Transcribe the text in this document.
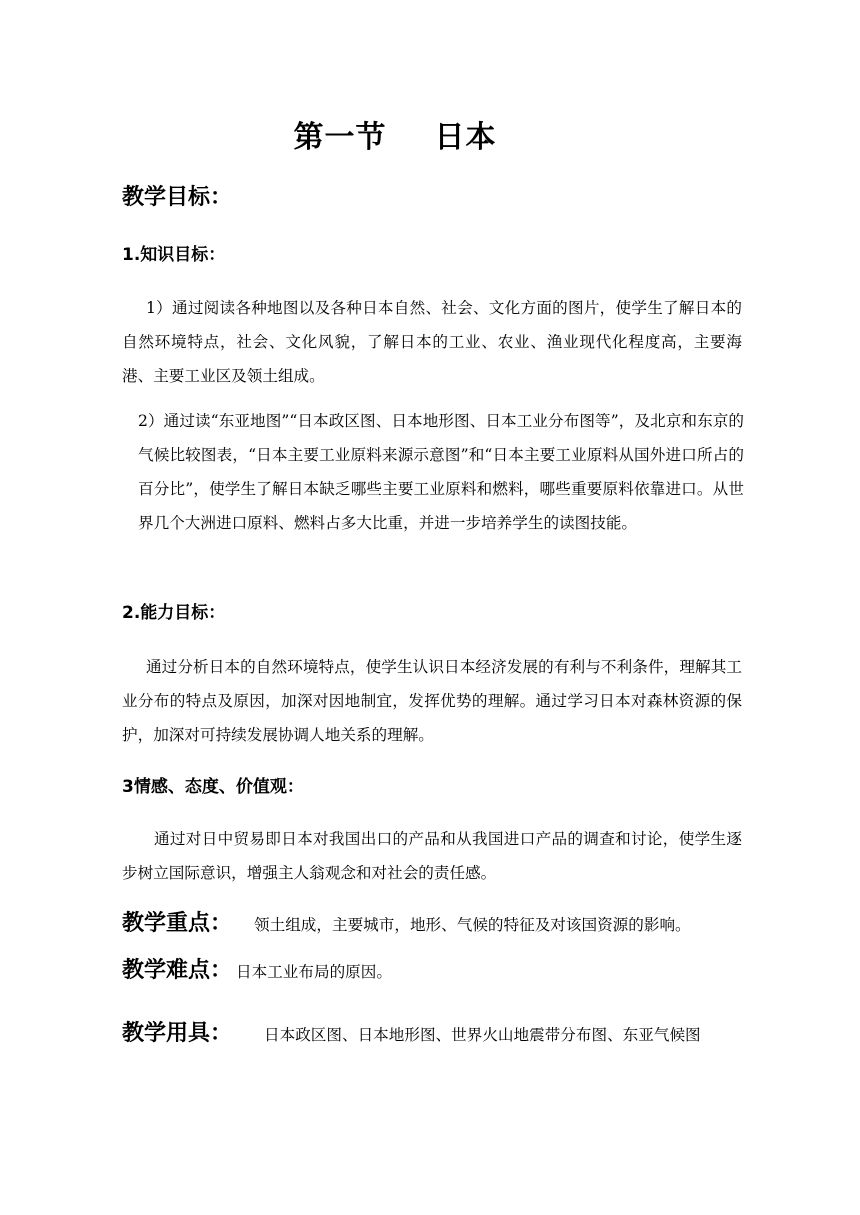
第一节 日本
教学目标：
1.知识目标：
1）通过阅读各种地图以及各种日本自然、社会、文化方面的图片，使学生了解日本的自然环境特点，社会、文化风貌，了解日本的工业、农业、渔业现代化程度高，主要海港、主要工业区及领土组成。
2）通过读“东亚地图”“日本政区图、日本地形图、日本工业分布图等”，及北京和东京的气候比较图表，“日本主要工业原料来源示意图”和“日本主要工业原料从国外进口所占的百分比”，使学生了解日本缺乏哪些主要工业原料和燃料，哪些重要原料依靠进口。从世界几个大洲进口原料、燃料占多大比重，并进一步培养学生的读图技能。
2.能力目标：
通过分析日本的自然环境特点，使学生认识日本经济发展的有利与不利条件，理解其工业分布的特点及原因，加深对因地制宜，发挥优势的理解。通过学习日本对森林资源的保护，加深对可持续发展协调人地关系的理解。
3情感、态度、价值观：
通过对日中贸易即日本对我国出口的产品和从我国进口产品的调查和讨论，使学生逐步树立国际意识，增强主人翁观念和对社会的责任感。
教学重点： 领土组成，主要城市，地形、气候的特征及对该国资源的影响。
教学难点： 日本工业布局的原因。
教学用具： 日本政区图、日本地形图、世界火山地震带分布图、东亚气候图
